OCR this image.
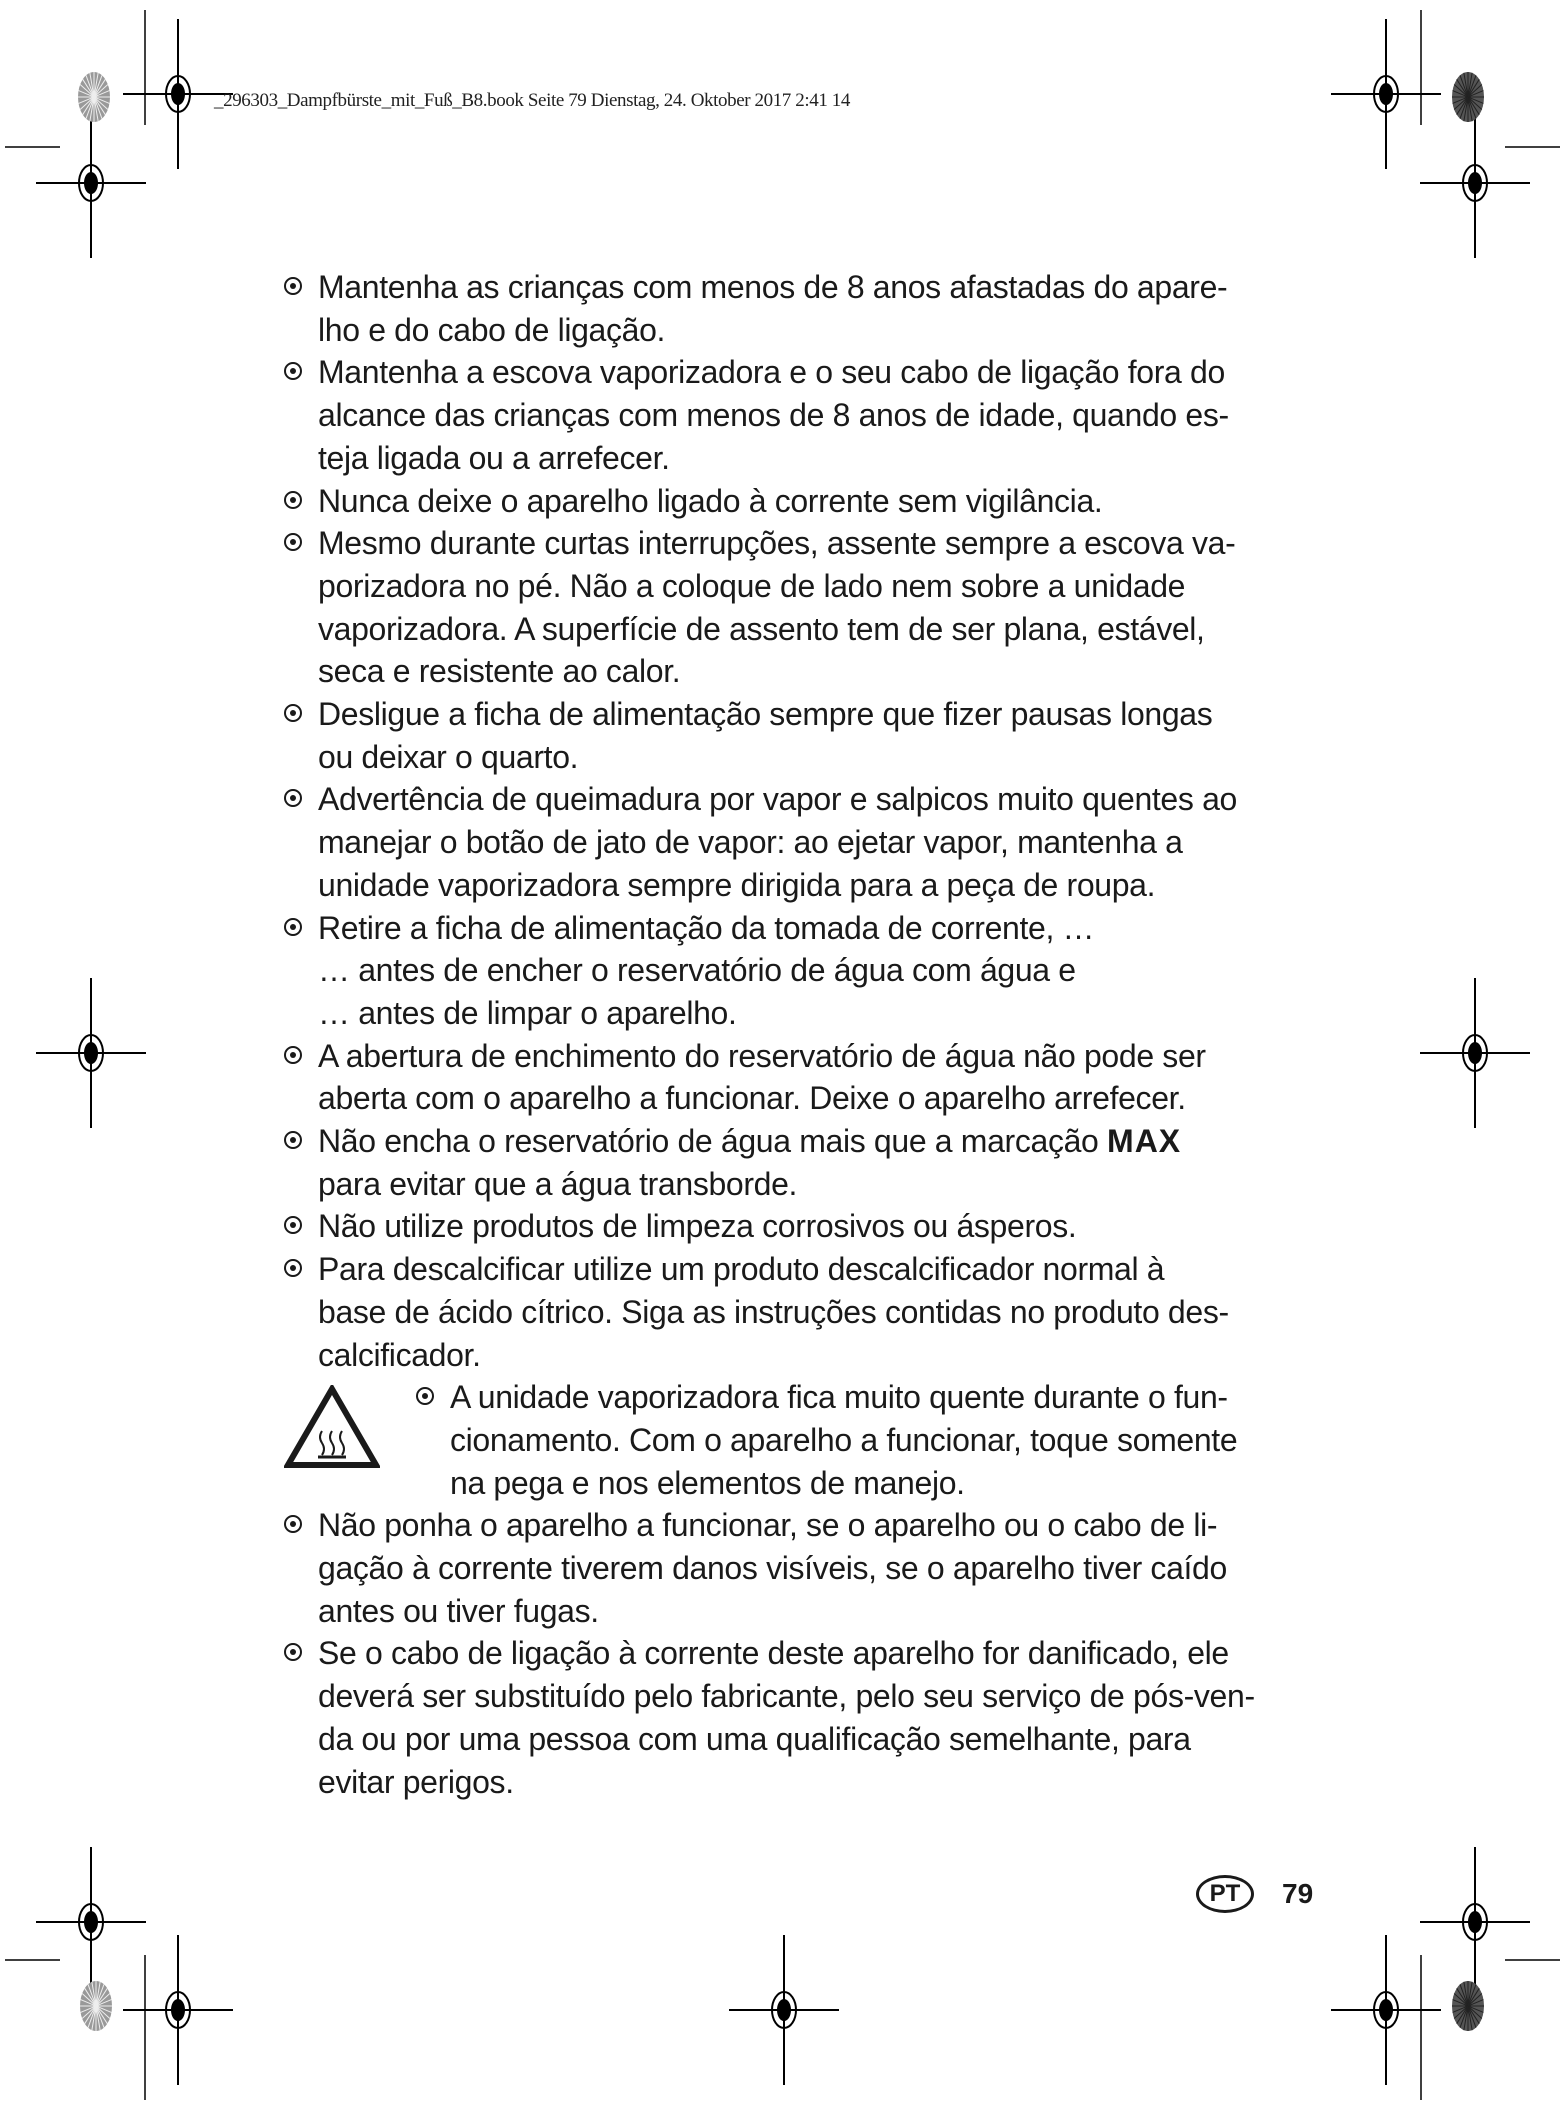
_296303_Dampfbürste_mit_Fuß_B8.book Seite 79 Dienstag, 24. Oktober 2017 2:41 14
Mantenha as crianças com menos de 8 anos afastadas do apare-
lho e do cabo de ligação.
Mantenha a escova vaporizadora e o seu cabo de ligação fora do
alcance das crianças com menos de 8 anos de idade, quando es-
teja ligada ou a arrefecer.
Nunca deixe o aparelho ligado à corrente sem vigilância.
Mesmo durante curtas interrupções, assente sempre a escova va-
porizadora no pé. Não a coloque de lado nem sobre a unidade
vaporizadora. A superfície de assento tem de ser plana, estável,
seca e resistente ao calor.
Desligue a ficha de alimentação sempre que fizer pausas longas
ou deixar o quarto.
Advertência de queimadura por vapor e salpicos muito quentes ao
manejar o botão de jato de vapor: ao ejetar vapor, mantenha a
unidade vaporizadora sempre dirigida para a peça de roupa.
Retire a ficha de alimentação da tomada de corrente, …
… antes de encher o reservatório de água com água e
… antes de limpar o aparelho.
A abertura de enchimento do reservatório de água não pode ser
aberta com o aparelho a funcionar. Deixe o aparelho arrefecer.
Não encha o reservatório de água mais que a marcação MAX
para evitar que a água transborde.
Não utilize produtos de limpeza corrosivos ou ásperos.
Para descalcificar utilize um produto descalcificador normal à
base de ácido cítrico. Siga as instruções contidas no produto des-
calcificador.
A unidade vaporizadora fica muito quente durante o fun-
cionamento. Com o aparelho a funcionar, toque somente
na pega e nos elementos de manejo.
Não ponha o aparelho a funcionar, se o aparelho ou o cabo de li-
gação à corrente tiverem danos visíveis, se o aparelho tiver caído
antes ou tiver fugas.
Se o cabo de ligação à corrente deste aparelho for danificado, ele
deverá ser substituído pelo fabricante, pelo seu serviço de pós-ven-
da ou por uma pessoa com uma qualificação semelhante, para
evitar perigos.
PT	79
